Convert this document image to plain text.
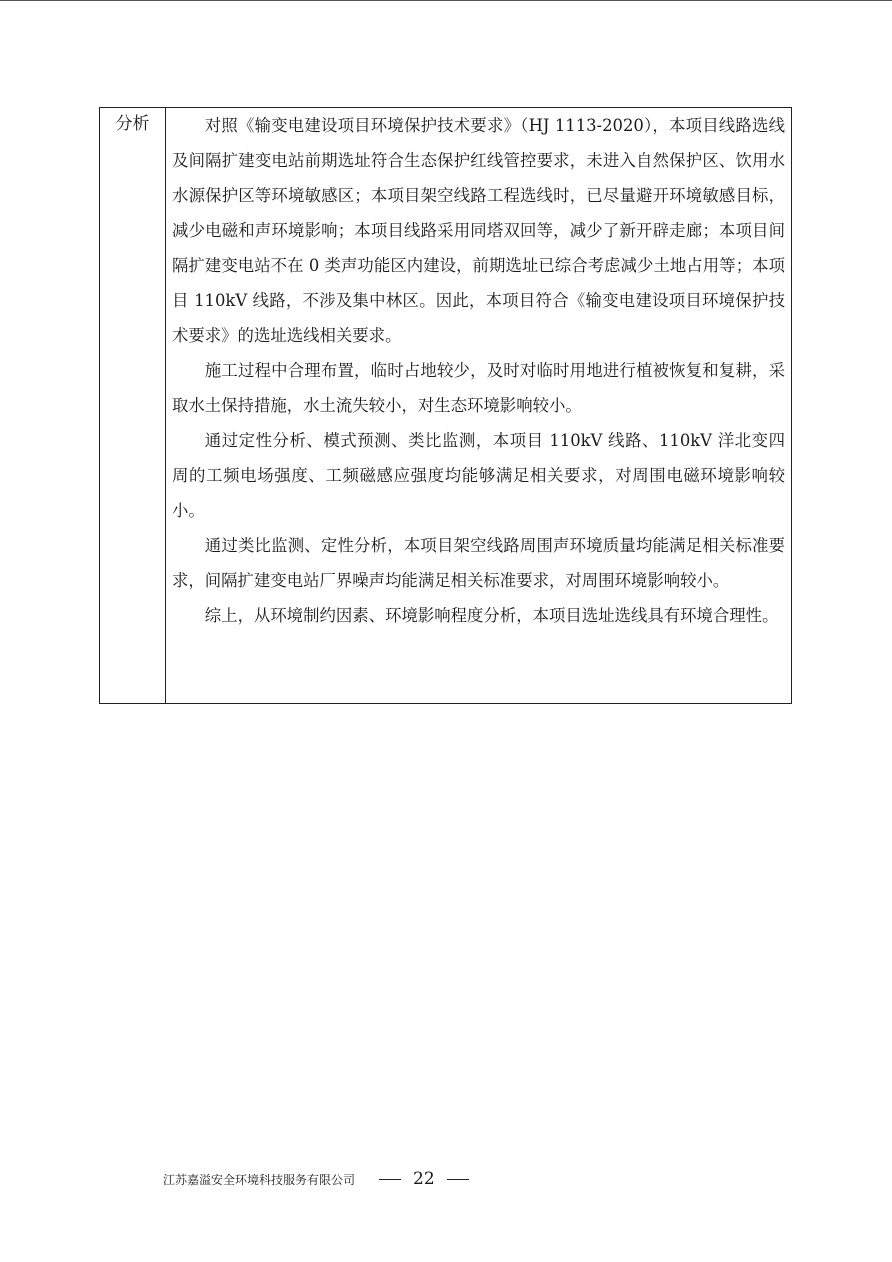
分析	对照《输变电建设项目环境保护技术要求》（HJ 1113-2020），本项目线路选线及间隔扩建变电站前期选址符合生态保护红线管控要求，未进入自然保护区、饮用水水源保护区等环境敏感区；本项目架空线路工程选线时，已尽量避开环境敏感目标，减少电磁和声环境影响；本项目线路采用同塔双回等，减少了新开辟走廊；本项目间隔扩建变电站不在 0 类声功能区内建设，前期选址已综合考虑减少土地占用等；本项目 110kV 线路，不涉及集中林区。因此，本项目符合《输变电建设项目环境保护技术要求》的选址选线相关要求。

施工过程中合理布置，临时占地较少，及时对临时用地进行植被恢复和复耕，采取水土保持措施，水土流失较小，对生态环境影响较小。

通过定性分析、模式预测、类比监测，本项目 110kV 线路、110kV 洋北变四周的工频电场强度、工频磁感应强度均能够满足相关要求，对周围电磁环境影响较小。

通过类比监测、定性分析，本项目架空线路周围声环境质量均能满足相关标准要求，间隔扩建变电站厂界噪声均能满足相关标准要求，对周围环境影响较小。

综上，从环境制约因素、环境影响程度分析，本项目选址选线具有环境合理性。

江苏嘉溢安全环境科技服务有限公司	22
